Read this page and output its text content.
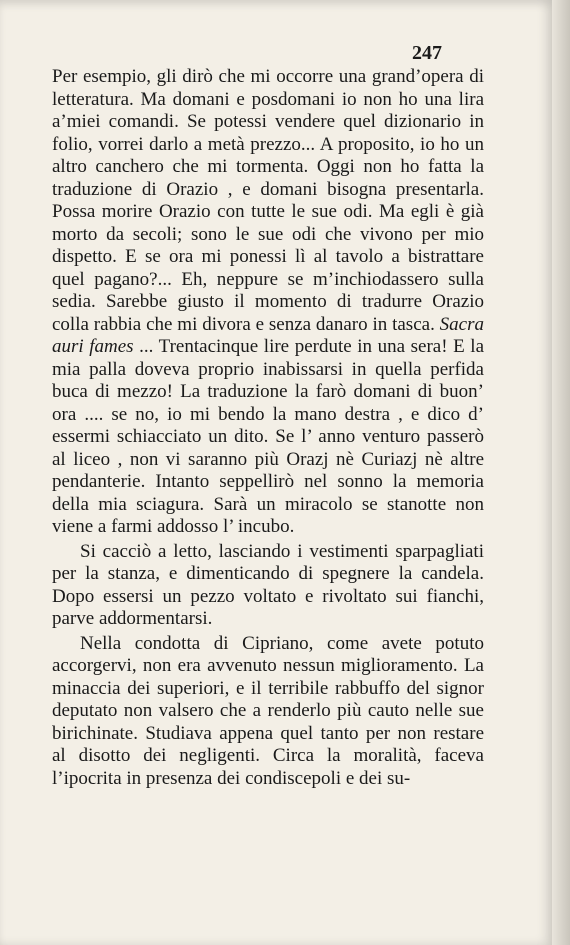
247

Per esempio, gli dirò che mi occorre una grand’opera di letteratura. Ma domani e posdomani io non ho una lira a’miei comandi. Se potessi vendere quel dizionario in folio, vorrei darlo a metà prezzo... A proposito, io ho un altro canchero che mi tormenta. Oggi non ho fatta la traduzione di Orazio , e domani bisogna presentarla. Possa morire Orazio con tutte le sue odi. Ma egli è già morto da secoli; sono le sue odi che vivono per mio dispetto. E se ora mi ponessi lì al tavolo a bistrattare quel pagano?... Eh, neppure se m’inchiodassero sulla sedia. Sarebbe giusto il momento di tradurre Orazio colla rabbia che mi divora e senza danaro in tasca. Sacra auri fames ... Trentacinque lire perdute in una sera! E la mia palla doveva proprio inabissarsi in quella perfida buca di mezzo! La traduzione la farò domani di buon’ ora .... se no, io mi bendo la mano destra , e dico d’ essermi schiacciato un dito. Se l’ anno venturo passerò al liceo , non vi saranno più Orazj nè Curiazj nè altre pendanterie. Intanto seppellirò nel sonno la memoria della mia sciagura. Sarà un miracolo se stanotte non viene a farmi addosso l’ incubo.

Si cacciò a letto, lasciando i vestimenti sparpagliati per la stanza, e dimenticando di spegnere la candela. Dopo essersi un pezzo voltato e rivoltato sui fianchi, parve addormentarsi.

Nella condotta di Cipriano, come avete potuto accorgervi, non era avvenuto nessun miglioramento. La minaccia dei superiori, e il terribile rabbuffo del signor deputato non valsero che a renderlo più cauto nelle sue birichinate. Studiava appena quel tanto per non restare al disotto dei negligenti. Circa la moralità, faceva l’ipocrita in presenza dei condiscepoli e dei su-
